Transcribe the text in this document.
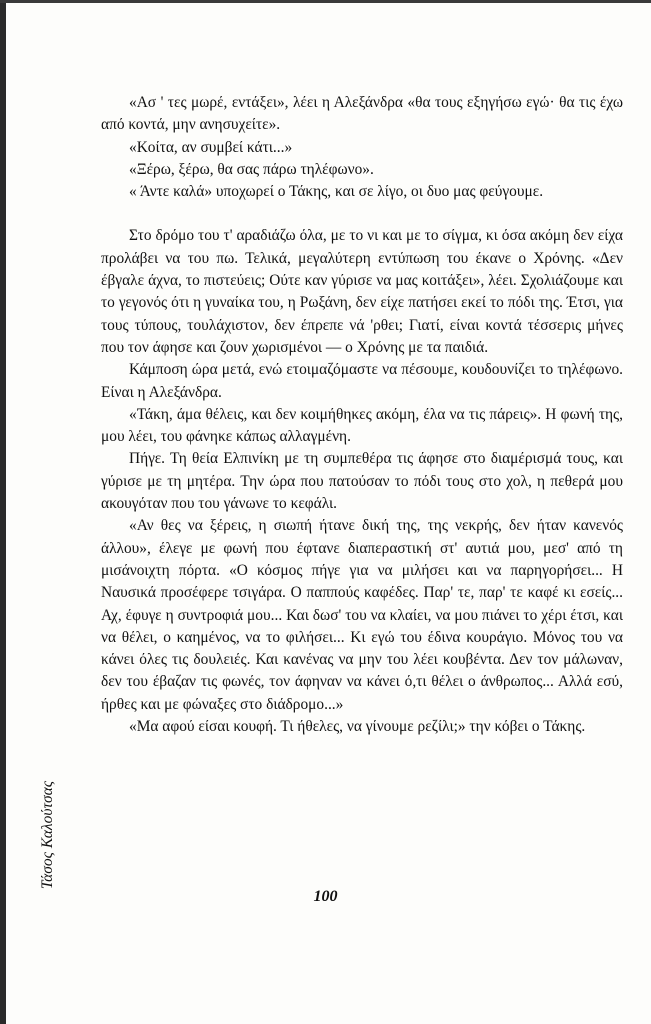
«Ασ ' τες μωρέ, εντάξει», λέει η Αλεξάνδρα «θα τους εξηγήσω εγώ· θα τις έχω από κοντά, μην ανησυχείτε».

«Κοίτα, αν συμβεί κάτι...»

«Ξέρω, ξέρω, θα σας πάρω τηλέφωνο».

« Άντε καλά» υποχωρεί ο Τάκης, και σε λίγο, οι δυο μας φεύγουμε.

Στο δρόμο του τ' αραδιάζω όλα, με το νι και με το σίγμα, κι όσα ακόμη δεν είχα προλάβει να του πω. Τελικά, μεγαλύτερη εντύπωση του έκανε ο Χρόνης. «Δεν έβγαλε άχνα, το πιστεύεις; Ούτε καν γύρισε να μας κοιτάξει», λέει. Σχολιάζουμε και το γεγονός ότι η γυναίκα του, η Ρωξάνη, δεν είχε πατήσει εκεί το πόδι της. Έτσι, για τους τύπους, τουλάχιστον, δεν έπρεπε νά 'ρθει; Γιατί, είναι κοντά τέσσερις μήνες που τον άφησε και ζουν χωρισμένοι — ο Χρόνης με τα παιδιά.

Κάμποση ώρα μετά, ενώ ετοιμαζόμαστε να πέσουμε, κουδουνίζει το τηλέφωνο. Είναι η Αλεξάνδρα.

«Τάκη, άμα θέλεις, και δεν κοιμήθηκες ακόμη, έλα να τις πάρεις». Η φωνή της, μου λέει, του φάνηκε κάπως αλλαγμένη.

Πήγε. Τη θεία Ελπινίκη με τη συμπεθέρα τις άφησε στο διαμέρισμά τους, και γύρισε με τη μητέρα. Την ώρα που πατούσαν το πόδι τους στο χολ, η πεθερά μου ακουγόταν που του γάνωνε το κεφάλι.

«Αν θες να ξέρεις, η σιωπή ήτανε δική της, της νεκρής, δεν ήταν κανενός άλλου», έλεγε με φωνή που έφτανε διαπεραστική στ' αυτιά μου, μεσ' από τη μισάνοιχτη πόρτα. «Ο κόσμος πήγε για να μιλήσει και να παρηγορήσει... Η Ναυσικά προσέφερε τσιγάρα. Ο παππούς καφέδες. Παρ' τε, παρ' τε καφέ κι εσείς... Αχ, έφυγε η συντροφιά μου... Και δωσ' του να κλαίει, να μου πιάνει το χέρι έτσι, και να θέλει, ο καημένος, να το φιλήσει... Κι εγώ του έδινα κουράγιο. Μόνος του να κάνει όλες τις δουλειές. Και κανένας να μην του λέει κουβέντα. Δεν τον μάλωναν, δεν του έβαζαν τις φωνές, τον άφηναν να κάνει ό,τι θέλει ο άνθρωπος... Αλλά εσύ, ήρθες και με φώναξες στο διάδρομο...»

«Μα αφού είσαι κουφή. Τι ήθελες, να γίνουμε ρεζίλι;» την κόβει ο Τάκης.

Τάσος Καλούτσας
100
